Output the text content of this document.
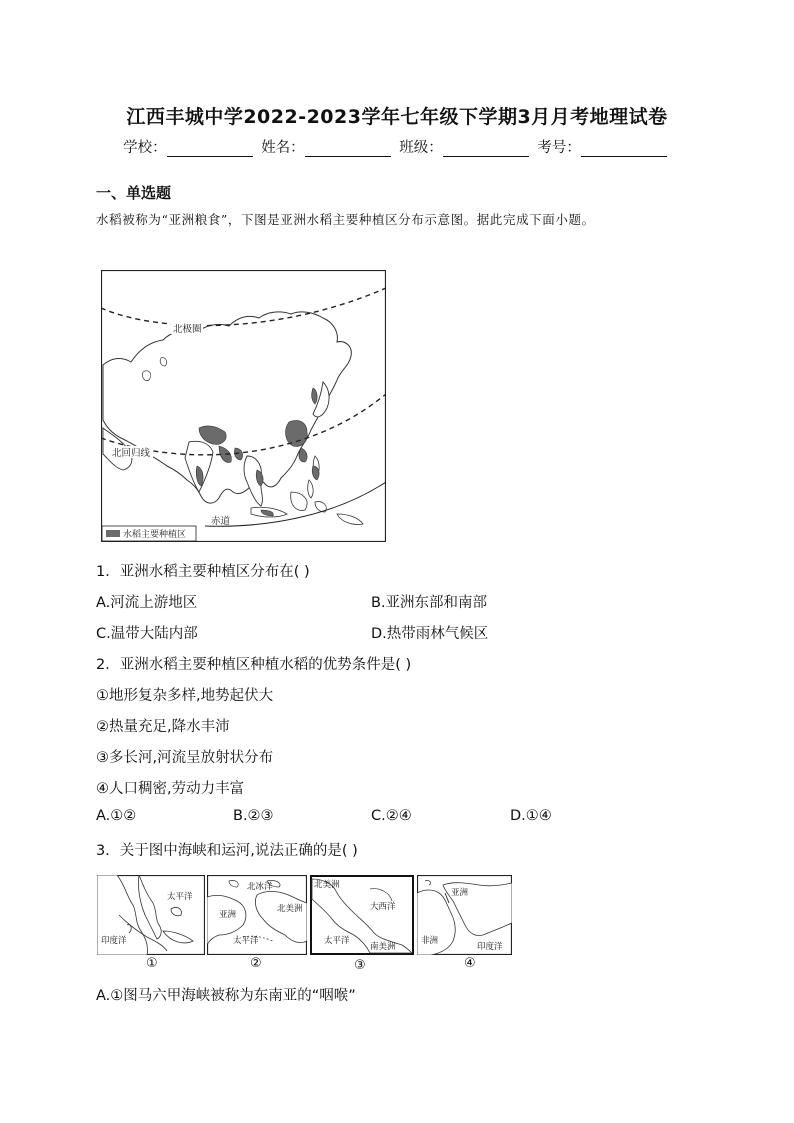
江西丰城中学2022-2023学年七年级下学期3月月考地理试卷
学校：	姓名：	班级：	考号：
一、单选题
水稻被称为“亚洲粮食”，下图是亚洲水稻主要种植区分布示意图。据此完成下面小题。
北极圈
北回归线
赤道
水稻主要种植区
1．亚洲水稻主要种植区分布在( )
A.河流上游地区	B.亚洲东部和南部
C.温带大陆内部	D.热带雨林气候区
2．亚洲水稻主要种植区种植水稻的优势条件是( )
①地形复杂多样,地势起伏大
②热量充足,降水丰沛
③多长河,河流呈放射状分布
④人口稠密,劳动力丰富
A.①②	B.②③	C.②④	D.①④
3．关于图中海峡和运河,说法正确的是( )
太平洋
印度洋
①
北冰洋
亚洲
北美洲
太平洋
②
北美洲
大西洋
太平洋
南美洲
③
亚洲
非洲
印度洋
④
A.①图马六甲海峡被称为东南亚的“咽喉”
